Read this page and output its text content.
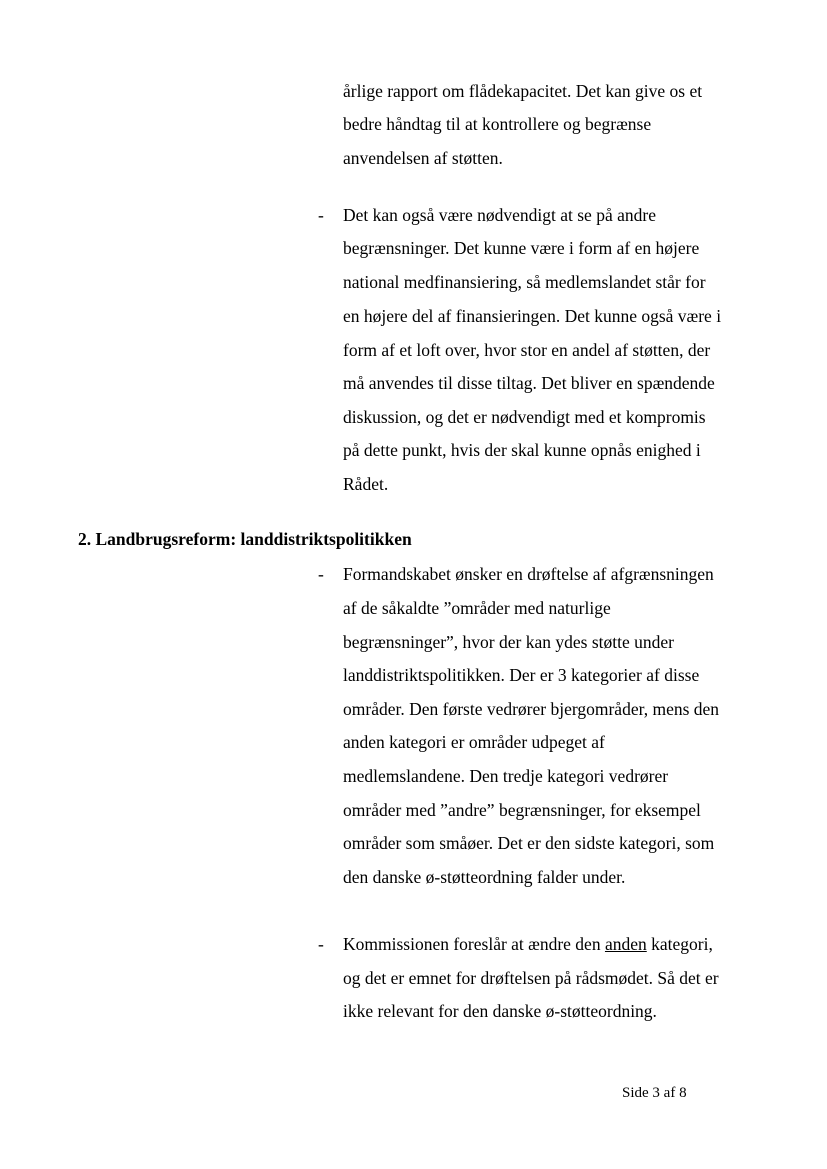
årlige rapport om flådekapacitet. Det kan give os et
bedre håndtag til at kontrollere og begrænse
anvendelsen af støtten.
- Det kan også være nødvendigt at se på andre
begrænsninger. Det kunne være i form af en højere
national medfinansiering, så medlemslandet står for
en højere del af finansieringen. Det kunne også være i
form af et loft over, hvor stor en andel af støtten, der
må anvendes til disse tiltag. Det bliver en spændende
diskussion, og det er nødvendigt med et kompromis
på dette punkt, hvis der skal kunne opnås enighed i
Rådet.
2. Landbrugsreform: landdistriktspolitikken
- Formandskabet ønsker en drøftelse af afgrænsningen
af de såkaldte ”områder med naturlige
begrænsninger”, hvor der kan ydes støtte under
landdistriktspolitikken. Der er 3 kategorier af disse
områder. Den første vedrører bjergområder, mens den
anden kategori er områder udpeget af
medlemslandene. Den tredje kategori vedrører
områder med ”andre” begrænsninger, for eksempel
områder som småøer. Det er den sidste kategori, som
den danske ø-støtteordning falder under.
- Kommissionen foreslår at ændre den anden kategori,
og det er emnet for drøftelsen på rådsmødet. Så det er
ikke relevant for den danske ø-støtteordning.
Side 3 af 8
